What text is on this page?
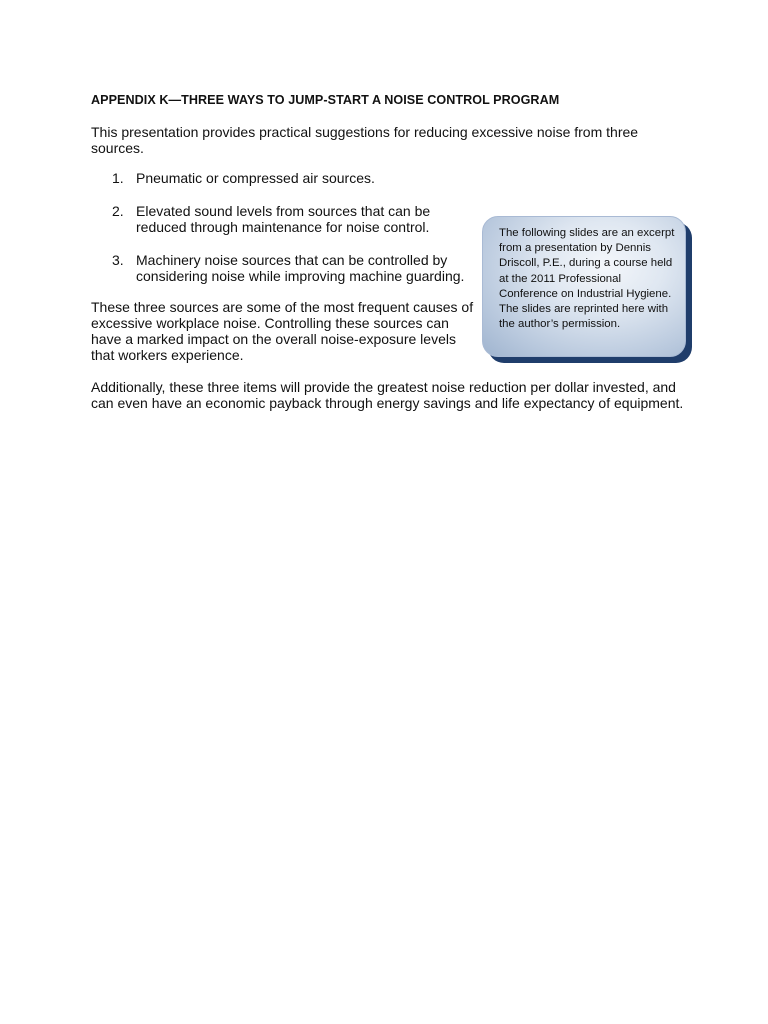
APPENDIX K—THREE WAYS TO JUMP-START A NOISE CONTROL PROGRAM
This presentation provides practical suggestions for reducing excessive noise from three sources.
1. Pneumatic or compressed air sources.
2. Elevated sound levels from sources that can be reduced through maintenance for noise control.
3. Machinery noise sources that can be controlled by considering noise while improving machine guarding.
These three sources are some of the most frequent causes of excessive workplace noise. Controlling these sources can have a marked impact on the overall noise-exposure levels that workers experience.
The following slides are an excerpt from a presentation by Dennis Driscoll, P.E., during a course held at the 2011 Professional Conference on Industrial Hygiene. The slides are reprinted here with the author’s permission.
Additionally, these three items will provide the greatest noise reduction per dollar invested, and can even have an economic payback through energy savings and life expectancy of equipment.
